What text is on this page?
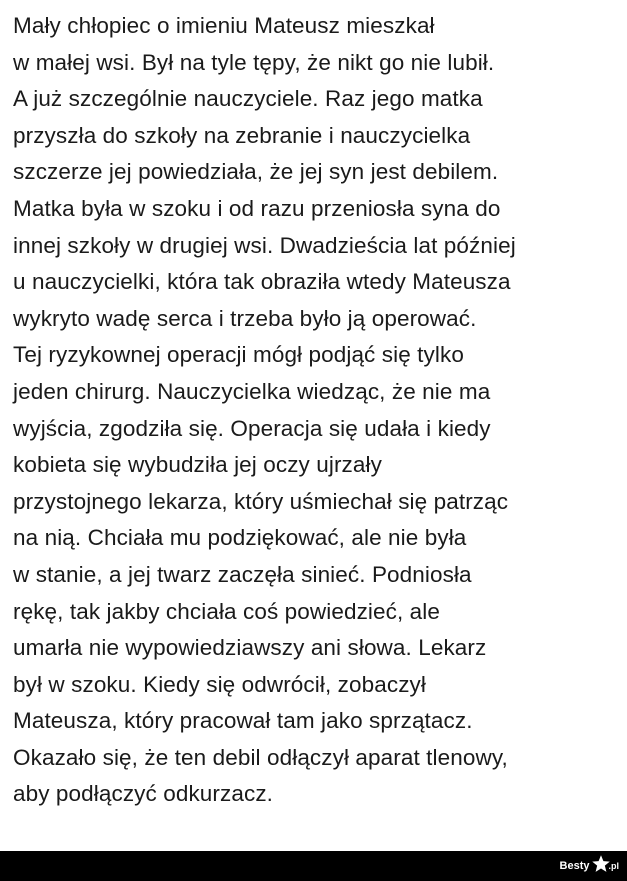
Mały chłopiec o imieniu Mateusz mieszkał
w małej wsi. Był na tyle tępy, że nikt go nie lubił.
A już szczególnie nauczyciele. Raz jego matka
przyszła do szkoły na zebranie i nauczycielka
szczerze jej powiedziała, że jej syn jest debilem.
Matka była w szoku i od razu przeniosła syna do
innej szkoły w drugiej wsi. Dwadzieścia lat później
u nauczycielki, która tak obraziła wtedy Mateusza
wykryto wadę serca i trzeba było ją operować.
Tej ryzykownej operacji mógł podjąć się tylko
jeden chirurg. Nauczycielka wiedząc, że nie ma
wyjścia, zgodziła się. Operacja się udała i kiedy
kobieta się wybudziła jej oczy ujrzały
przystojnego lekarza, który uśmiechał się patrząc
na nią. Chciała mu podziękować, ale nie była
w stanie, a jej twarz zaczęła sinieć. Podniosła
rękę, tak jakby chciała coś powiedzieć, ale
umarła nie wypowiedziawszy ani słowa. Lekarz
był w szoku. Kiedy się odwrócił, zobaczył
Mateusza, który pracował tam jako sprzątacz.
Okazało się, że ten debil odłączył aparat tlenowy,
aby podłączyć odkurzacz.
Besty .pl
